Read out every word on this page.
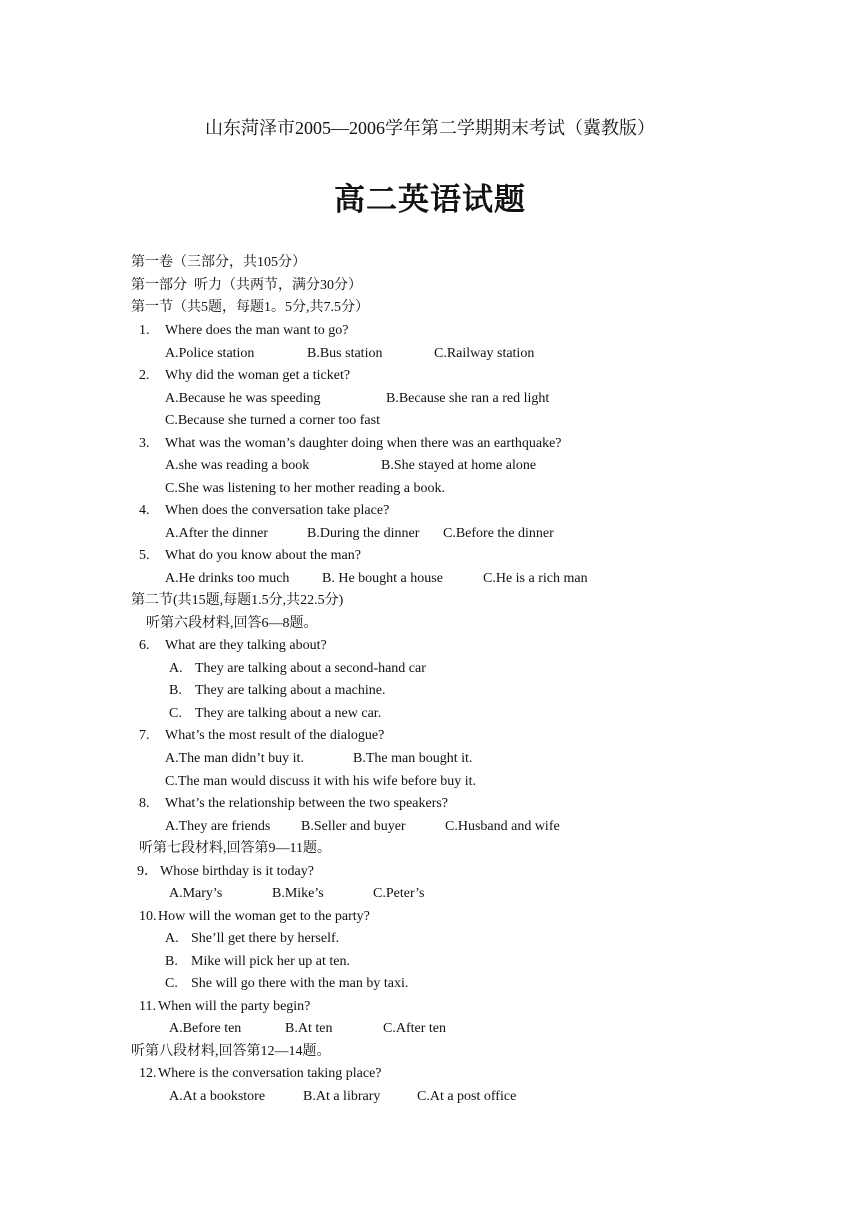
山东菏泽市2005—2006学年第二学期期末考试（冀教版）
高二英语试题
第一卷（三部分，共105分）
第一部分  听力（共两节，满分30分）
第一节（共5题，每题1。5分,共7.5分）
1. Where does the man want to go?
A.Police station	B.Bus station	C.Railway station
2. Why did the woman get a ticket?
A.Because he was speeding	B.Because she ran a red light
C.Because she turned a corner too fast
3. What was the woman’s daughter doing when there was an earthquake?
A.she was reading a book	B.She stayed at home alone
C.She was listening to her mother reading a book.
4. When does the conversation take place?
A.After the dinner	B.During the dinner C.Before the dinner
5. What do you know about the man?
A.He drinks too much B. He bought a house	C.He is a rich man
第二节(共15题,每题1.5分,共22.5分)
听第六段材料,回答6—8题。
6. What are they talking about?
A. They are talking about a second-hand car
B. They are talking about a machine.
C. They are talking about a new car.
7. What’s the most result of the dialogue?
A.The man didn’t buy it.	B.The man bought it.
C.The man would discuss it with his wife before buy it.
8. What’s the relationship between the two speakers?
A.They are friends B.Seller and buyer	C.Husband and wife
听第七段材料,回答第9—11题。
9． Whose birthday is it today?
A.Mary’s	B.Mike’s	C.Peter’s
10. How will the woman get to the party?
A. She’ll get there by herself.
B. Mike will pick her up at ten.
C. She will go there with the man by taxi.
11. When will the party begin?
A.Before ten	B.At ten	C.After ten
听第八段材料,回答第12—14题。
12. Where is the conversation taking place?
A.At a bookstore	B.At a library	C.At a post office
